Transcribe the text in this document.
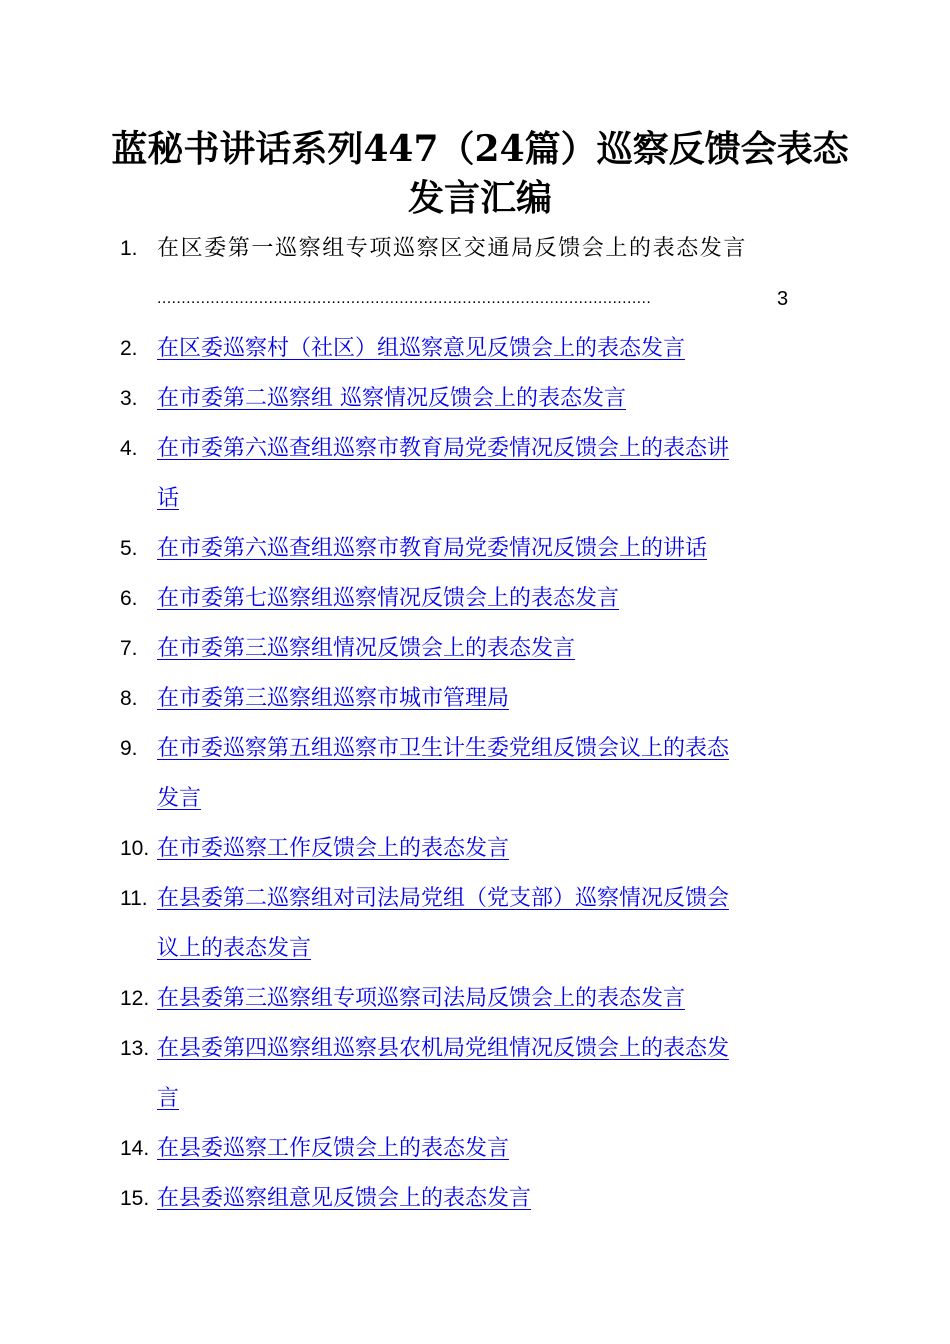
蓝秘书讲话系列447（24篇）巡察反馈会表态
发言汇编
1. 在区委第一巡察组专项巡察区交通局反馈会上的表态发言
......................................................................................................	3
2. 在区委巡察村（社区）组巡察意见反馈会上的表态发言
3. 在市委第二巡察组 巡察情况反馈会上的表态发言
4. 在市委第六巡查组巡察市教育局党委情况反馈会上的表态讲
话
5. 在市委第六巡查组巡察市教育局党委情况反馈会上的讲话
6. 在市委第七巡察组巡察情况反馈会上的表态发言
7. 在市委第三巡察组情况反馈会上的表态发言
8. 在市委第三巡察组巡察市城市管理局
9. 在市委巡察第五组巡察市卫生计生委党组反馈会议上的表态
发言
10. 在市委巡察工作反馈会上的表态发言
11. 在县委第二巡察组对司法局党组（党支部）巡察情况反馈会
议上的表态发言
12. 在县委第三巡察组专项巡察司法局反馈会上的表态发言
13. 在县委第四巡察组巡察县农机局党组情况反馈会上的表态发
言
14. 在县委巡察工作反馈会上的表态发言
15. 在县委巡察组意见反馈会上的表态发言
